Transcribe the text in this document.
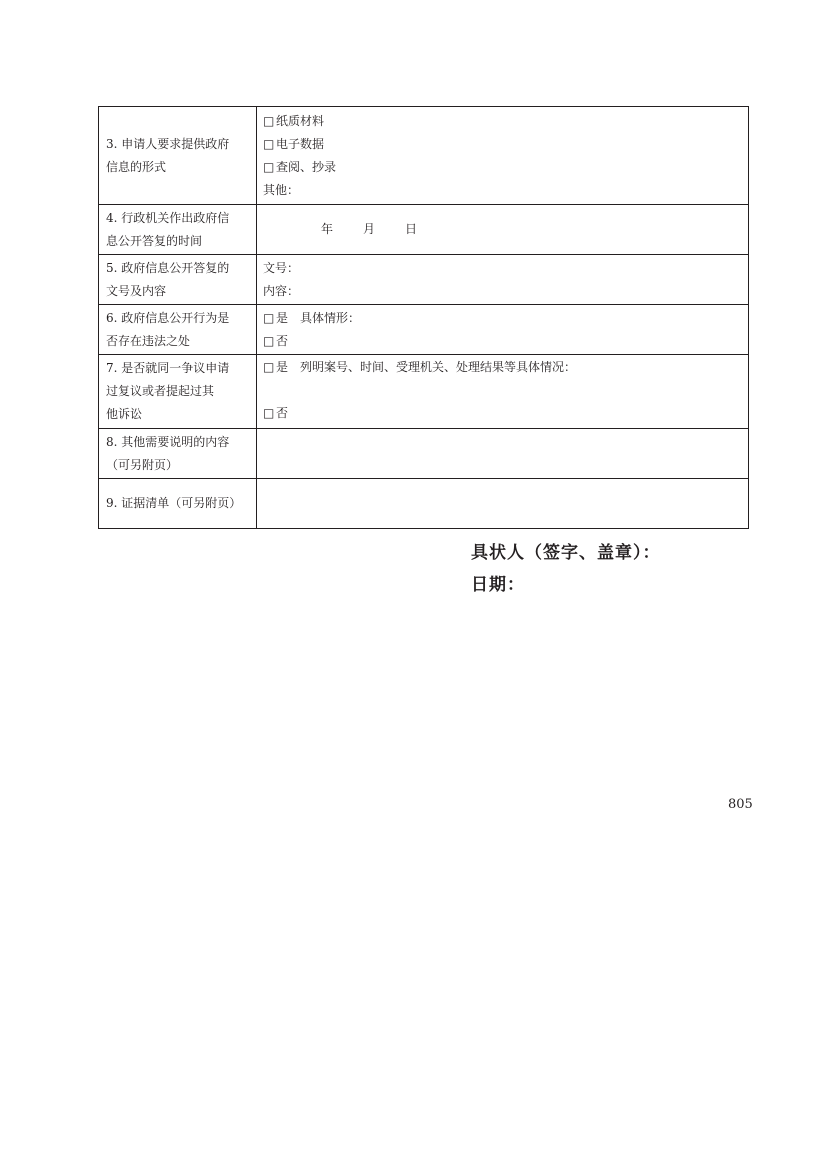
3. 申请人要求提供政府
信息的形式	□ 纸质材料
□ 电子数据
□ 查阅、抄录
其他：

4. 行政机关作出政府信
息公开答复的时间	年 月 日

5. 政府信息公开答复的
文号及内容	文号：
内容：

6. 政府信息公开行为是
否存在违法之处	□ 是 具体情形：
□ 否

7. 是否就同一争议申请
过复议或者提起过其
他诉讼	□ 是 列明案号、时间、受理机关、处理结果等具体情况：
□ 否

8. 其他需要说明的内容
（可另附页）	

9. 证据清单（可另附页）	

具状人（签字、盖章）：
日期：
805
